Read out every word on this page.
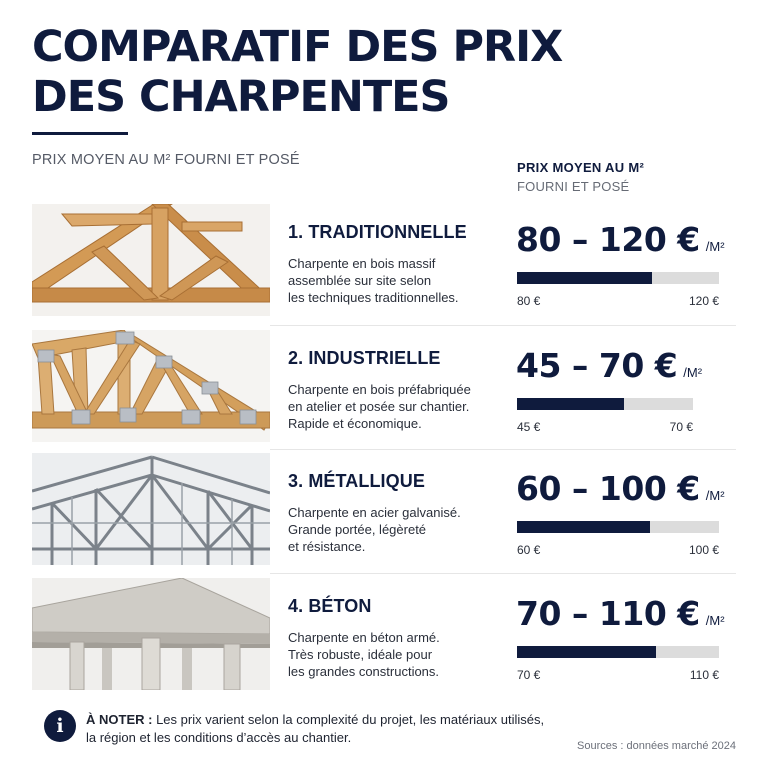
COMPARATIF DES PRIX
DES CHARPENTES
PRIX MOYEN AU M² FOURNI ET POSÉ	PRIX MOYEN AU M²
FOURNI ET POSÉ
1. TRADITIONNELLE
Charpente en bois massif
assemblée sur site selon
les techniques traditionnelles.
80 – 120 € /M²
80 €	120 €
2. INDUSTRIELLE
Charpente en bois préfabriquée
en atelier et posée sur chantier.
Rapide et économique.
45 – 70 € /M²
45 €	70 €
3. MÉTALLIQUE
Charpente en acier galvanisé.
Grande portée, légèreté
et résistance.
60 – 100 € /M²
60 €	100 €
4. BÉTON
Charpente en béton armé.
Très robuste, idéale pour
les grandes constructions.
70 – 110 € /M²
70 €	110 €
i	À NOTER : Les prix varient selon la complexité du projet, les matériaux utilisés,
la région et les conditions d’accès au chantier.
Sources : données marché 2024
